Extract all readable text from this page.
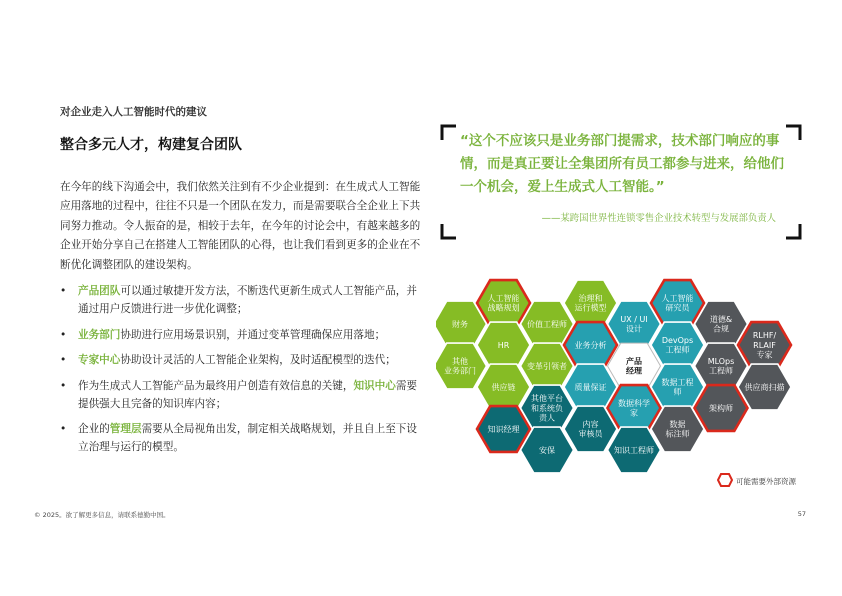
对企业走入人工智能时代的建议
整合多元人才，构建复合团队
在今年的线下沟通会中，我们依然关注到有不少企业提到：在生成式人工智能应用落地的过程中，往往不只是一个团队在发力，而是需要联合全企业上下共同努力推动。令人振奋的是，相较于去年，在今年的讨论会中，有越来越多的企业开始分享自己在搭建人工智能团队的心得，也让我们看到更多的企业在不断优化调整团队的建设架构。
• 产品团队可以通过敏捷开发方法，不断迭代更新生成式人工智能产品，并通过用户反馈进行进一步优化调整；
• 业务部门协助进行应用场景识别，并通过变革管理确保应用落地；
• 专家中心协助设计灵活的人工智能企业架构，及时适配模型的迭代；
• 作为生成式人工智能产品为最终用户创造有效信息的关键，知识中心需要提供强大且完备的知识库内容；
• 企业的管理层需要从全局视角出发，制定相关战略规划，并且自上至下设立治理与运行的模型。
“这个不应该只是业务部门提需求，技术部门响应的事情，而是真正要让全集团所有员工都参与进来，给他们一个机会，爱上生成式人工智能。”
——某跨国世界性连锁零售企业技术转型与发展部负责人
财务
其他
业务部门
人工智能
战略规划
HR
供应链
知识经理
价值工程师
变革引领者
其他平台
和系统负
责人
安保
治理和
运行模型
业务分析
质量保证
内容
审核员
UX / UI
设计
产品
经理
数据科学
家
知识工程师
人工智能
研究员
DevOps
工程师
数据工程
师
数据
标注师
道德&
合规
MLOps
工程师
架构师
RLHF/
RLAIF
专家
供应商扫描
可能需要外部资源
© 2025。欲了解更多信息，请联系德勤中国。	57
